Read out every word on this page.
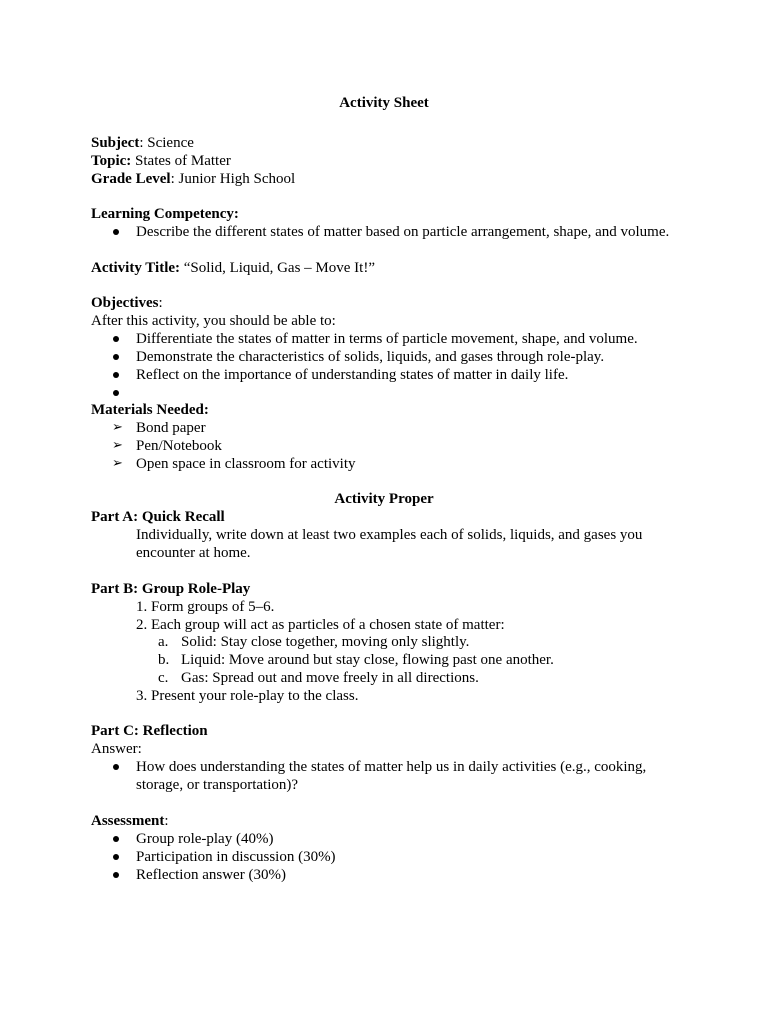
Activity Sheet
Subject: Science
Topic: States of Matter
Grade Level: Junior High School
Learning Competency:
Describe the different states of matter based on particle arrangement, shape, and volume.
Activity Title: “Solid, Liquid, Gas – Move It!”
Objectives:
After this activity, you should be able to:
Differentiate the states of matter in terms of particle movement, shape, and volume.
Demonstrate the characteristics of solids, liquids, and gases through role-play.
Reflect on the importance of understanding states of matter in daily life.
Materials Needed:
➢ Bond paper
➢ Pen/Notebook
➢ Open space in classroom for activity
Activity Proper
Part A: Quick Recall
Individually, write down at least two examples each of solids, liquids, and gases you
encounter at home.
Part B: Group Role-Play
1. Form groups of 5–6.
2. Each group will act as particles of a chosen state of matter:
a. Solid: Stay close together, moving only slightly.
b. Liquid: Move around but stay close, flowing past one another.
c. Gas: Spread out and move freely in all directions.
3. Present your role-play to the class.
Part C: Reflection
Answer:
How does understanding the states of matter help us in daily activities (e.g., cooking,
storage, or transportation)?
Assessment:
Group role-play (40%)
Participation in discussion (30%)
Reflection answer (30%)
